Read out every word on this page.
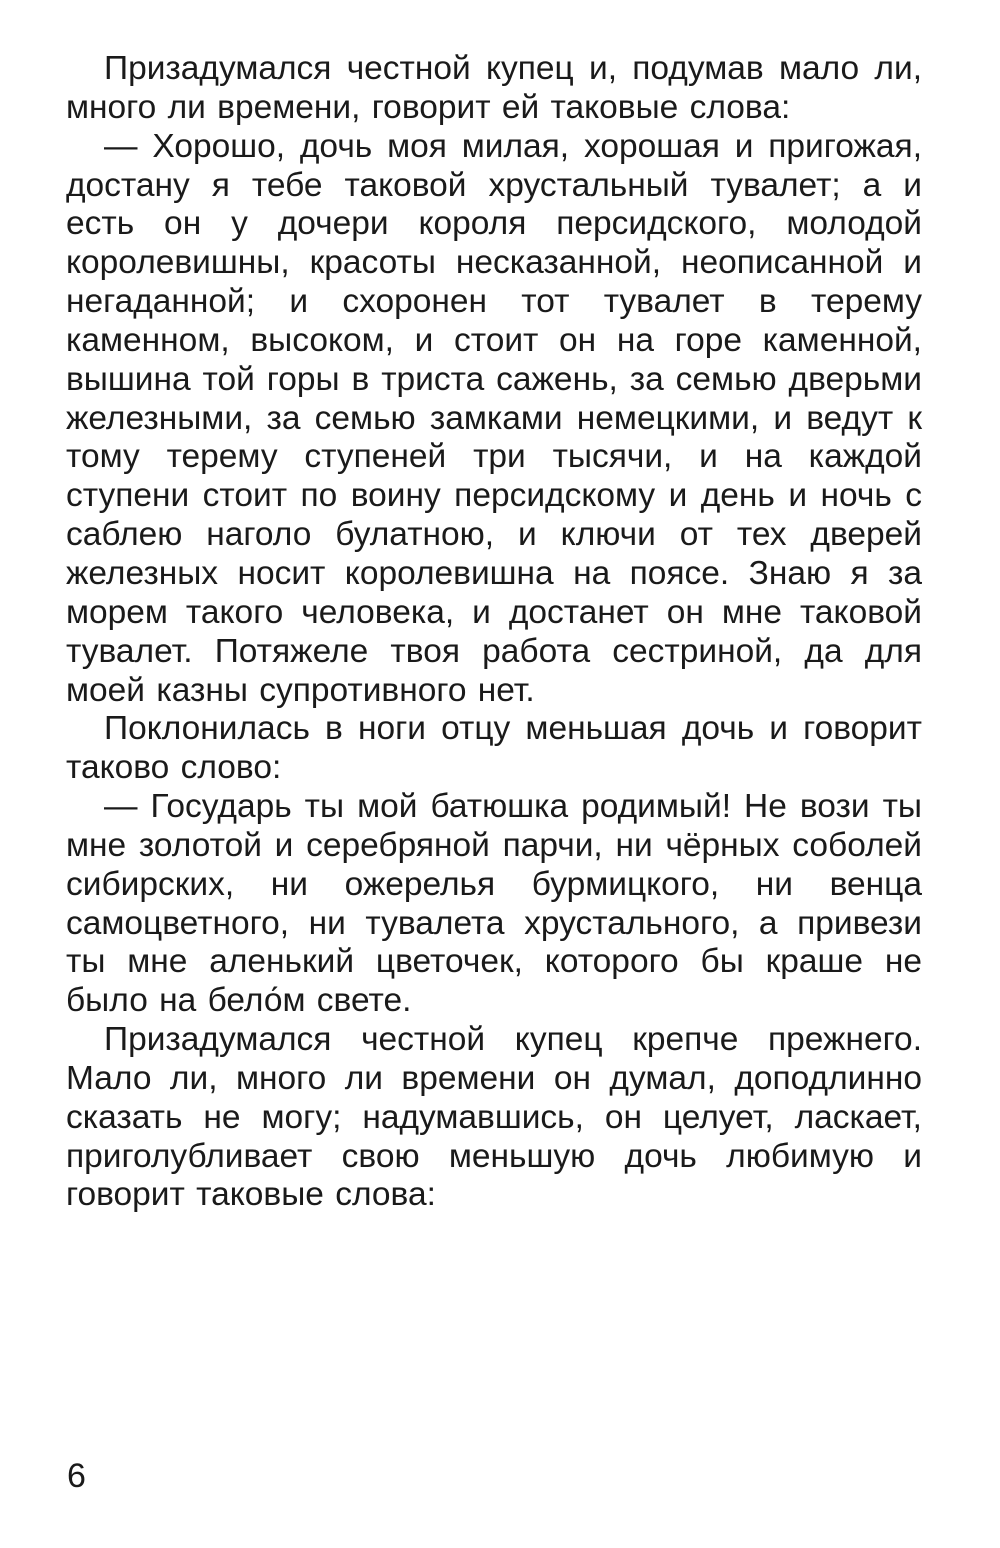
Призадумался честной купец и, подумав мало ли, много ли времени, говорит ей таковые слова:

— Хорошо, дочь моя милая, хорошая и пригожая, достану я тебе таковой хрустальный тувалет; а и есть он у дочери короля персидского, молодой королевишны, красоты несказанной, неописанной и негаданной; и схоронен тот тувалет в терему каменном, высоком, и стоит он на горе каменной, вышина той горы в триста сажень, за семью дверьми железными, за семью замками немецкими, и ведут к тому терему ступеней три тысячи, и на каждой ступени стоит по воину персидскому и день и ночь с саблею наголо булатною, и ключи от тех дверей железных носит королевишна на поясе. Знаю я за морем такого человека, и достанет он мне таковой тувалет. Потяжеле твоя работа сестриной, да для моей казны супротивного нет.

Поклонилась в ноги отцу меньшая дочь и говорит таково слово:

— Государь ты мой батюшка родимый! Не вози ты мне золотой и серебряной парчи, ни чёрных соболей сибирских, ни ожерелья бурмицкого, ни венца самоцветного, ни тувалета хрустального, а привези ты мне аленький цветочек, которого бы краше не было на бело́м свете.

Призадумался честной купец крепче прежнего. Мало ли, много ли времени он думал, доподлинно сказать не могу; надумавшись, он целует, ласкает, приголубливает свою меньшую дочь любимую и говорит таковые слова:

6
